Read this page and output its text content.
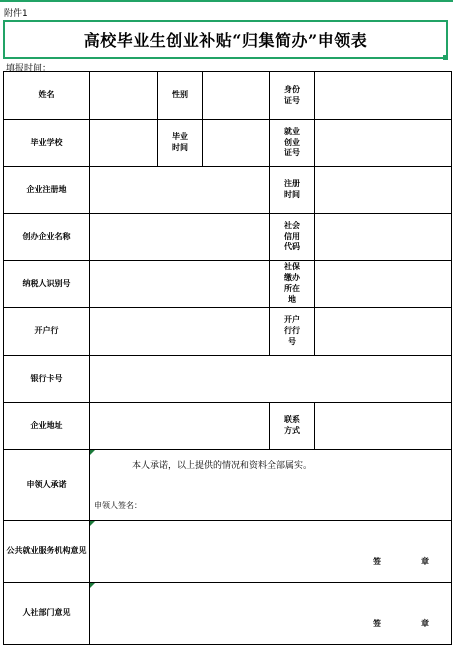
附件1
高校毕业生创业补贴“归集简办”申领表
填报时间：
姓名		性别		身份证号	
毕业学校		毕业时间		就业创业证号	
企业注册地				注册时间	
创办企业名称				社会信用代码	
纳税人识别号				社保缴办所在地	
开户行				开户行行号	
银行卡号					
企业地址				联系方式	
申领人承诺	本人承诺，以上提供的情况和资料全部属实。
申领人签名：				

公共就业服务机构意见	签 章				

人社部门意见	签 章				
